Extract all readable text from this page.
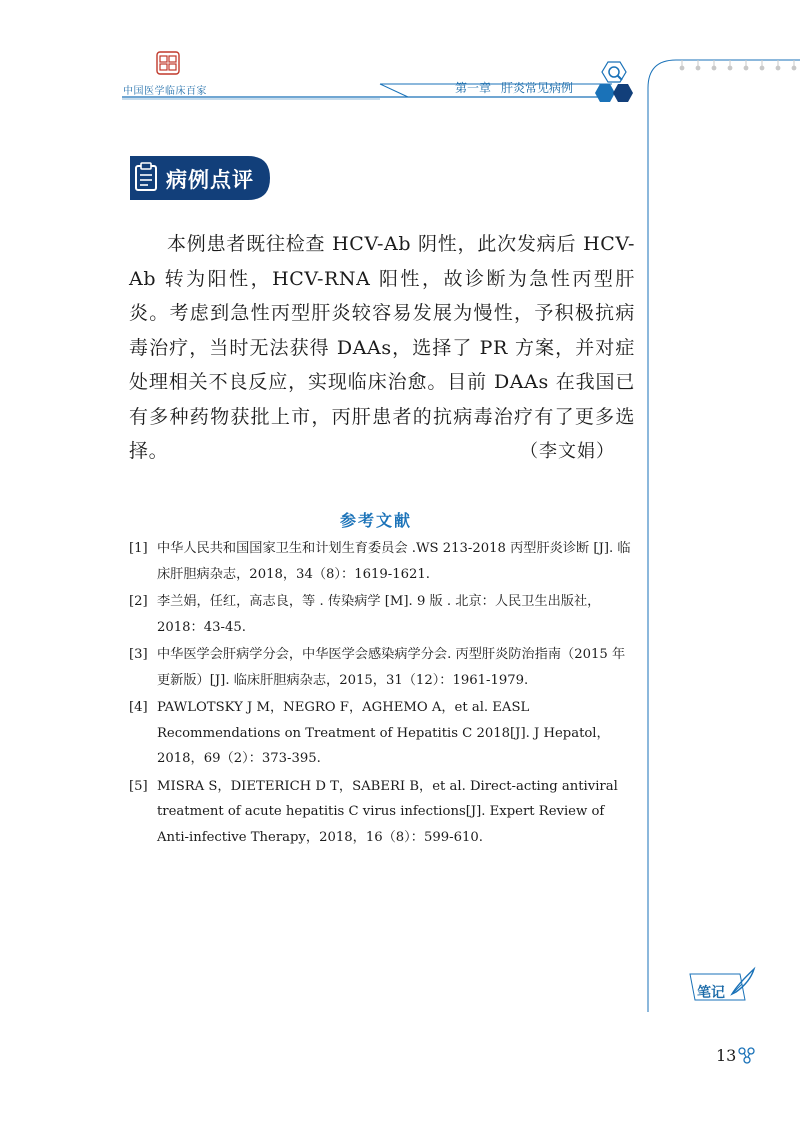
中国医学临床百家	第一章 肝炎常见病例
病例点评

本例患者既往检查 HCV-Ab 阴性，此次发病后 HCV-Ab 转为阳性，HCV-RNA 阳性，故诊断为急性丙型肝炎。考虑到急性丙型肝炎较容易发展为慢性，予积极抗病毒治疗，当时无法获得 DAAs，选择了 PR 方案，并对症处理相关不良反应，实现临床治愈。目前 DAAs 在我国已有多种药物获批上市，丙肝患者的抗病毒治疗有了更多选择。	（李文娟）
参考文献
[1] 中华人民共和国国家卫生和计划生育委员会 .WS 213-2018 丙型肝炎诊断 [J]. 临床肝胆病杂志，2018，34（8）：1619-1621.
[2] 李兰娟，任红，高志良，等 . 传染病学 [M]. 9 版 . 北京：人民卫生出版社，2018：43-45.
[3] 中华医学会肝病学分会，中华医学会感染病学分会. 丙型肝炎防治指南（2015 年更新版）[J]. 临床肝胆病杂志，2015，31（12）：1961-1979.
[4] PAWLOTSKY J M，NEGRO F，AGHEMO A，et al. EASL Recommendations on Treatment of Hepatitis C 2018[J]. J Hepatol，2018，69（2）：373-395.
[5] MISRA S，DIETERICH D T，SABERI B，et al. Direct-acting antiviral treatment of acute hepatitis C virus infections[J]. Expert Review of Anti-infective Therapy，2018，16（8）：599-610.
笔记
13
